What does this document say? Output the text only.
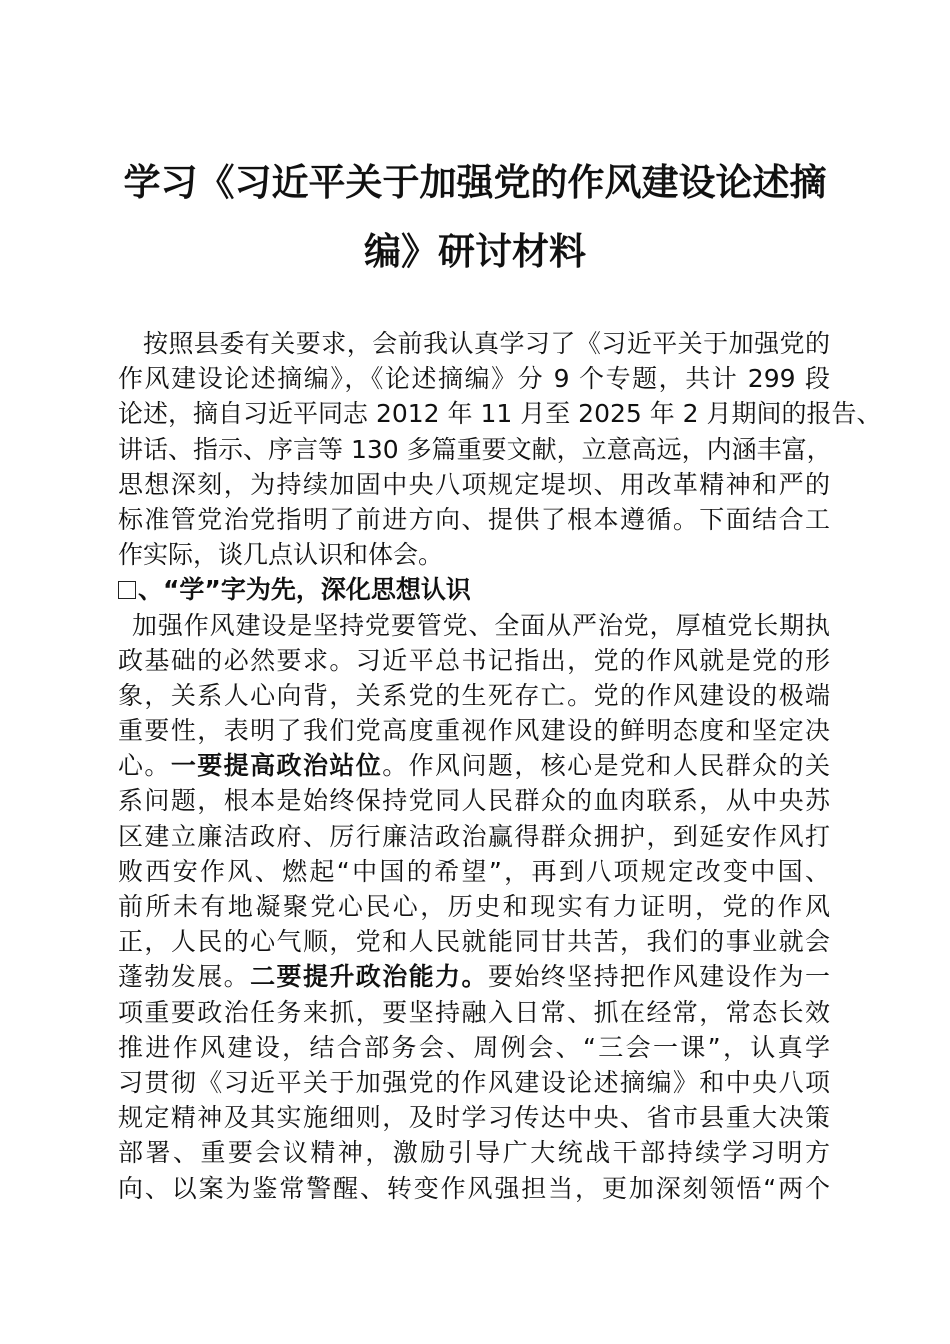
学习《习近平关于加强党的作风建设论述摘
编》研讨材料
按照县委有关要求，会前我认真学习了《习近平关于加强党的
作风建设论述摘编》，《论述摘编》分 9 个专题，共计 299 段
论述，摘自习近平同志 2012 年 11 月至 2025 年 2 月期间的报告、
讲话、指示、序言等 130 多篇重要文献，立意高远，内涵丰富，
思想深刻，为持续加固中央八项规定堤坝、用改革精神和严的
标准管党治党指明了前进方向、提供了根本遵循。下面结合工
作实际，谈几点认识和体会。
、“学”字为先，深化思想认识
加强作风建设是坚持党要管党、全面从严治党，厚植党长期执
政基础的必然要求。习近平总书记指出，党的作风就是党的形
象，关系人心向背，关系党的生死存亡。党的作风建设的极端
重要性，表明了我们党高度重视作风建设的鲜明态度和坚定决
心。一要提高政治站位。作风问题，核心是党和人民群众的关
系问题，根本是始终保持党同人民群众的血肉联系，从中央苏
区建立廉洁政府、厉行廉洁政治赢得群众拥护，到延安作风打
败西安作风、燃起“中国的希望”，再到八项规定改变中国、
前所未有地凝聚党心民心，历史和现实有力证明，党的作风
正，人民的心气顺，党和人民就能同甘共苦，我们的事业就会
蓬勃发展。二要提升政治能力。要始终坚持把作风建设作为一
项重要政治任务来抓，要坚持融入日常、抓在经常，常态长效
推进作风建设，结合部务会、周例会、“三会一课”，认真学
习贯彻《习近平关于加强党的作风建设论述摘编》和中央八项
规定精神及其实施细则，及时学习传达中央、省市县重大决策
部署、重要会议精神，激励引导广大统战干部持续学习明方
向、以案为鉴常警醒、转变作风强担当，更加深刻领悟“两个
